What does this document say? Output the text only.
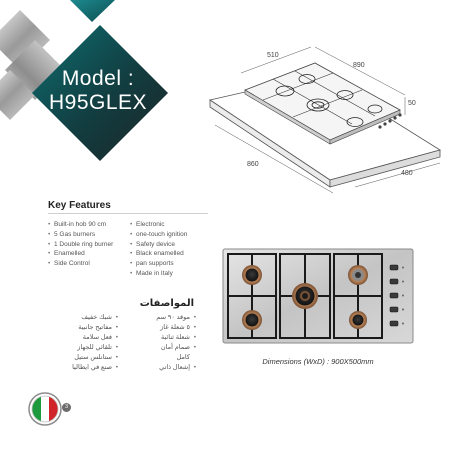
Model :
H95GLEX
510
890
50
860
480
Key Features
• Built-in hob 90 cm
• 5 Gas burners
• 1 Double ring burner
• Enamelled
• Side Control
• Electronic
• one-touch ignition
• Safety device
• Black enamelled
• pan supports
• Made in Italy
المواصفات
• موقد ٩٠ سم
• ٥ شعلة غاز
• شعلة ثنائية
• صمام أمان كامل
• إشعال ذاتي
• شبك خفيف
• مفاتيح جانبية
• فعل سلامة
• تلقائي للجهاز
• ستانلس ستيل
• صنع في ايطاليا
Dimensions (WxD) : 900X500mm
3
